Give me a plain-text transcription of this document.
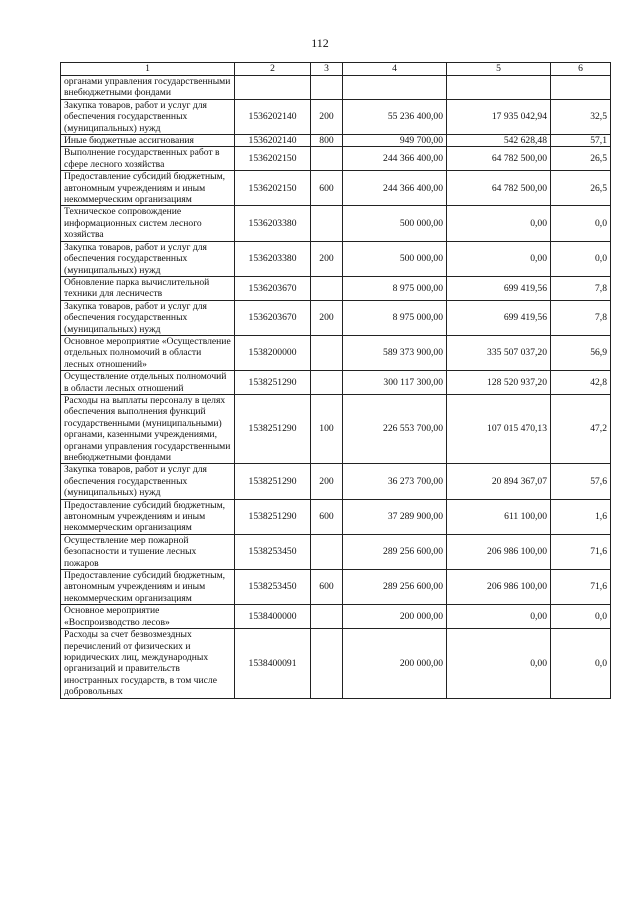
112
1	2	3	4	5	6
органами управления государственными внебюджетными фондами					
Закупка товаров, работ и услуг для обеспечения государственных (муниципальных) нужд	1536202140	200	55 236 400,00	17 935 042,94	32,5
Иные бюджетные ассигнования	1536202140	800	949 700,00	542 628,48	57,1
Выполнение государственных работ в сфере лесного хозяйства	1536202150		244 366 400,00	64 782 500,00	26,5
Предоставление субсидий бюджетным, автономным учреждениям и иным некоммерческим организациям	1536202150	600	244 366 400,00	64 782 500,00	26,5
Техническое сопровождение информационных систем лесного хозяйства	1536203380		500 000,00	0,00	0,0
Закупка товаров, работ и услуг для обеспечения государственных (муниципальных) нужд	1536203380	200	500 000,00	0,00	0,0
Обновление парка вычислительной техники для лесничеств	1536203670		8 975 000,00	699 419,56	7,8
Закупка товаров, работ и услуг для обеспечения государственных (муниципальных) нужд	1536203670	200	8 975 000,00	699 419,56	7,8
Основное мероприятие «Осуществление отдельных полномочий в области лесных отношений»	1538200000		589 373 900,00	335 507 037,20	56,9
Осуществление отдельных полномочий в области лесных отношений	1538251290		300 117 300,00	128 520 937,20	42,8
Расходы на выплаты персоналу в целях обеспечения выполнения функций государственными (муниципальными) органами, казенными учреждениями, органами управления государственными внебюджетными фондами	1538251290	100	226 553 700,00	107 015 470,13	47,2
Закупка товаров, работ и услуг для обеспечения государственных (муниципальных) нужд	1538251290	200	36 273 700,00	20 894 367,07	57,6
Предоставление субсидий бюджетным, автономным учреждениям и иным некоммерческим организациям	1538251290	600	37 289 900,00	611 100,00	1,6
Осуществление мер пожарной безопасности и тушение лесных пожаров	1538253450		289 256 600,00	206 986 100,00	71,6
Предоставление субсидий бюджетным, автономным учреждениям и иным некоммерческим организациям	1538253450	600	289 256 600,00	206 986 100,00	71,6
Основное мероприятие «Воспроизводство лесов»	1538400000		200 000,00	0,00	0,0
Расходы за счет безвозмездных перечислений от физических и юридических лиц, международных организаций и правительств иностранных государств, в том числе добровольных	1538400091		200 000,00	0,00	0,0
